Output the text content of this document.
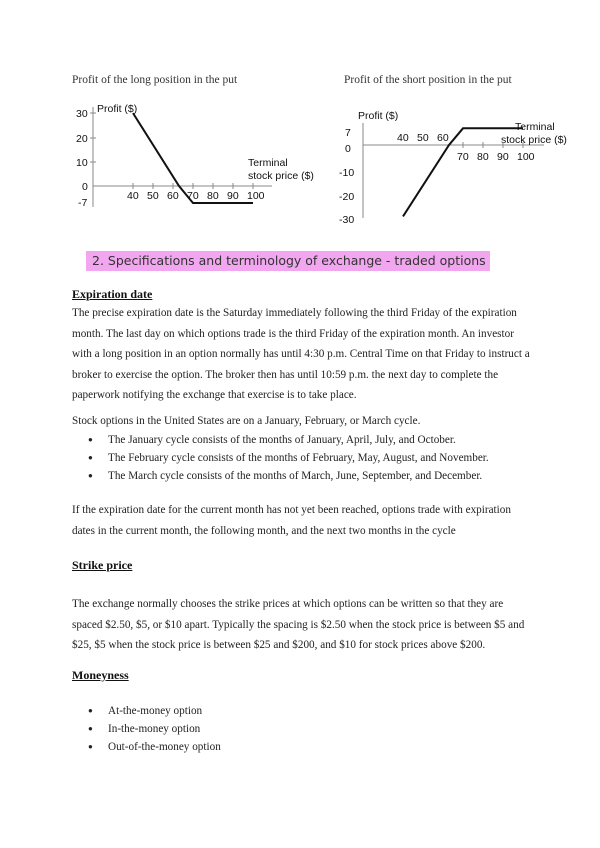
Profit of the long position in the put
30
20
10
0
-7
Profit ($)
Terminal
stock price ($)
40 50 60 70 80 90 100
Profit of the short position in the put
7
0
-10
-20
-30
Profit ($)
Terminal
stock price ($)
40 50 60
70 80 90 100
2. Specifications and terminology of exchange - traded options
Expiration date

The precise expiration date is the Saturday immediately following the third Friday of the expiration month. The last day on which options trade is the third Friday of the expiration month. An investor with a long position in an option normally has until 4:30 p.m. Central Time on that Friday to instruct a broker to exercise the option. The broker then has until 10:59 p.m. the next day to complete the paperwork notifying the exchange that exercise is to take place.

Stock options in the United States are on a January, February, or March cycle.

● The January cycle consists of the months of January, April, July, and October.
● The February cycle consists of the months of February, May, August, and November.
● The March cycle consists of the months of March, June, September, and December.

If the expiration date for the current month has not yet been reached, options trade with expiration dates in the current month, the following month, and the next two months in the cycle

Strike price

The exchange normally chooses the strike prices at which options can be written so that they are spaced $2.50, $5, or $10 apart. Typically the spacing is $2.50 when the stock price is between $5 and $25, $5 when the stock price is between $25 and $200, and $10 for stock prices above $200.

Moneyness
● At-the-money option
● In-the-money option
● Out-of-the-money option
